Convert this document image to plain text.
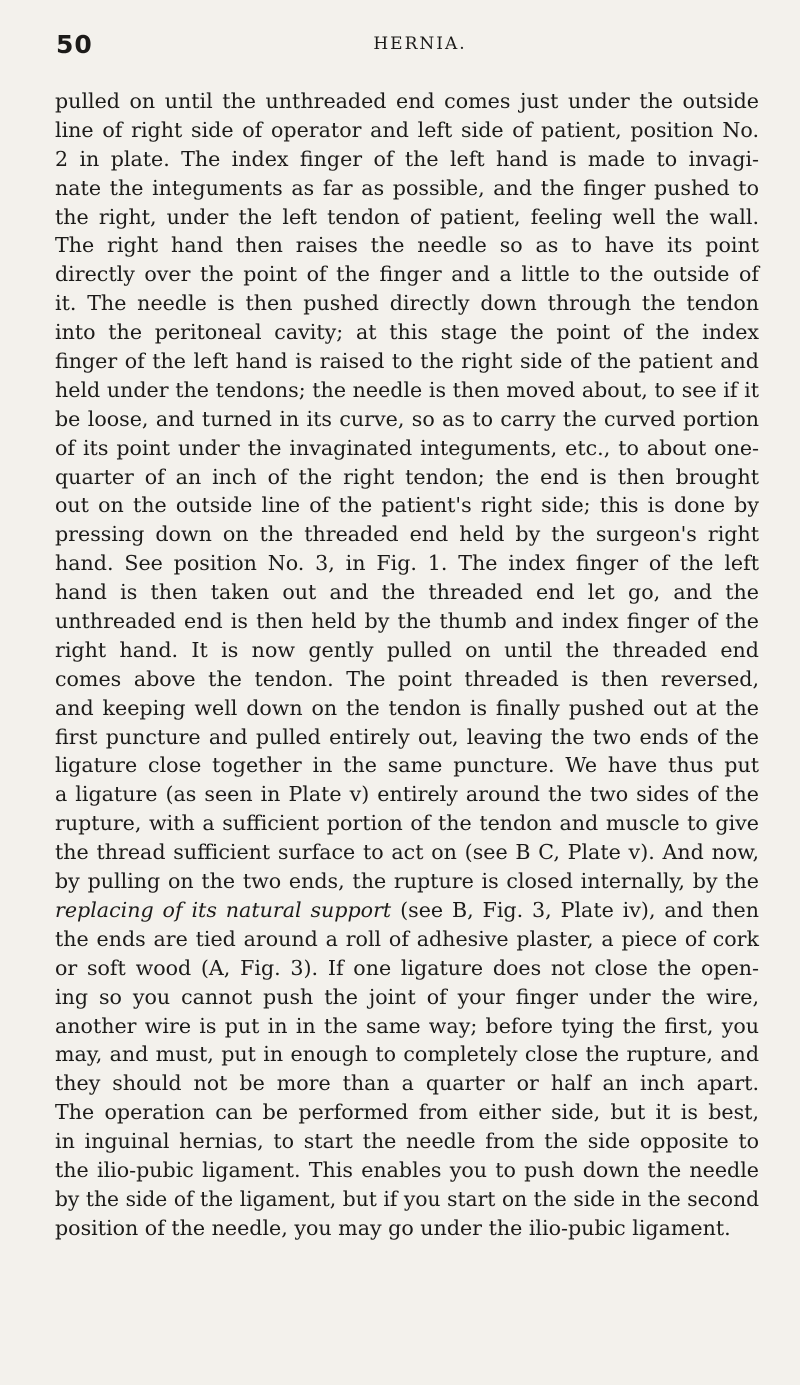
50	HERNIA.
pulled on until the unthreaded end comes just under the outside
line of right side of operator and left side of patient, position No.
2 in plate. The index finger of the left hand is made to invagi-
nate the integuments as far as possible, and the finger pushed to
the right, under the left tendon of patient, feeling well the wall.
The right hand then raises the needle so as to have its point
directly over the point of the finger and a little to the outside of
it. The needle is then pushed directly down through the tendon
into the peritoneal cavity; at this stage the point of the index
finger of the left hand is raised to the right side of the patient and
held under the tendons; the needle is then moved about, to see if it
be loose, and turned in its curve, so as to carry the curved portion
of its point under the invaginated integuments, etc., to about one-
quarter of an inch of the right tendon; the end is then brought
out on the outside line of the patient's right side; this is done by
pressing down on the threaded end held by the surgeon's right
hand. See position No. 3, in Fig. 1. The index finger of the left
hand is then taken out and the threaded end let go, and the
unthreaded end is then held by the thumb and index finger of the
right hand. It is now gently pulled on until the threaded end
comes above the tendon. The point threaded is then reversed,
and keeping well down on the tendon is finally pushed out at the
first puncture and pulled entirely out, leaving the two ends of the
ligature close together in the same puncture. We have thus put
a ligature (as seen in Plate v) entirely around the two sides of the
rupture, with a sufficient portion of the tendon and muscle to give
the thread sufficient surface to act on (see B C, Plate v). And now,
by pulling on the two ends, the rupture is closed internally, by the
replacing of its natural support (see B, Fig. 3, Plate iv), and then
the ends are tied around a roll of adhesive plaster, a piece of cork
or soft wood (A, Fig. 3). If one ligature does not close the open-
ing so you cannot push the joint of your finger under the wire,
another wire is put in in the same way; before tying the first, you
may, and must, put in enough to completely close the rupture, and
they should not be more than a quarter or half an inch apart.
The operation can be performed from either side, but it is best,
in inguinal hernias, to start the needle from the side opposite to
the ilio-pubic ligament. This enables you to push down the needle
by the side of the ligament, but if you start on the side in the second
position of the needle, you may go under the ilio-pubic ligament.
